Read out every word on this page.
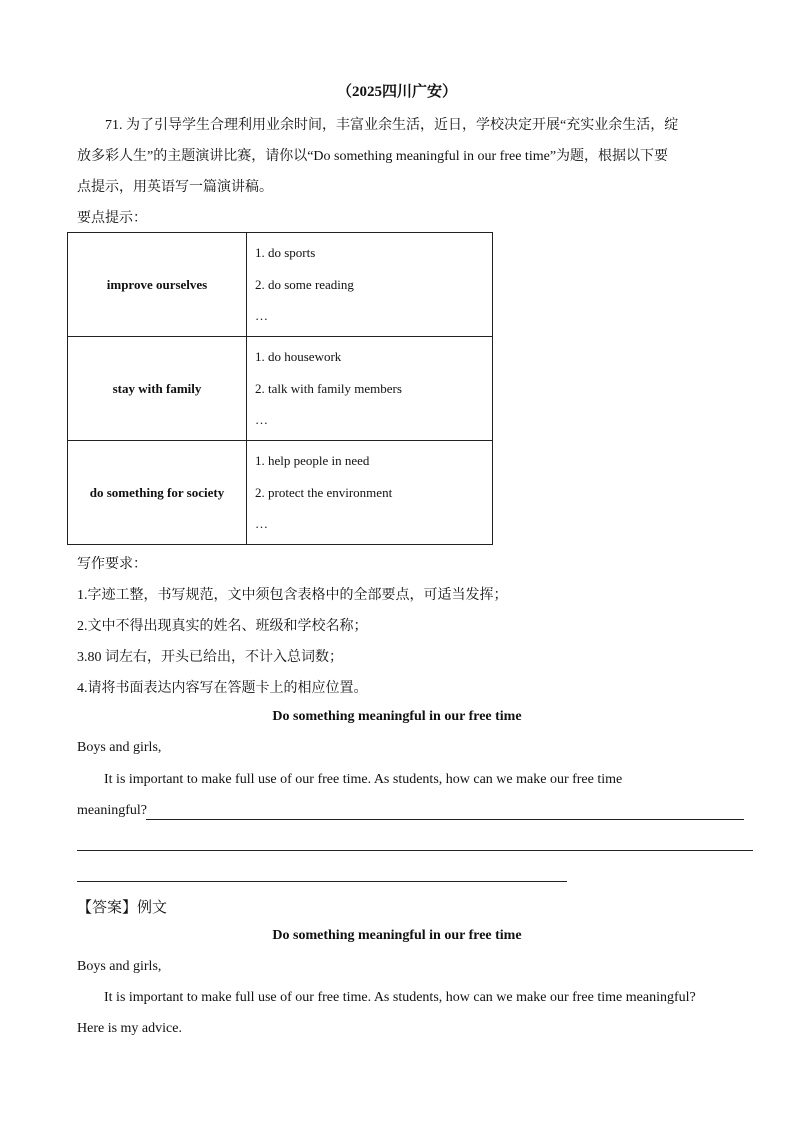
（2025四川广安）
71. 为了引导学生合理利用业余时间，丰富业余生活，近日，学校决定开展“充实业余生活，绽
放多彩人生”的主题演讲比赛，请你以“Do something meaningful in our free time”为题，根据以下要
点提示，用英语写一篇演讲稿。
要点提示：
improve ourselves	1. do sports
2. do some reading
…

stay with family	1. do housework
2. talk with family members
…

do something for society	1. help people in need
2. protect the environment
…
写作要求：
1.字迹工整，书写规范，文中须包含表格中的全部要点，可适当发挥；
2.文中不得出现真实的姓名、班级和学校名称；
3.80 词左右，开头已给出，不计入总词数；
4.请将书面表达内容写在答题卡上的相应位置。
Do something meaningful in our free time
Boys and girls,
It is important to make full use of our free time. As students, how can we make our free time
meaningful?
【答案】例文
Do something meaningful in our free time
Boys and girls,
It is important to make full use of our free time. As students, how can we make our free time meaningful?
Here is my advice.
